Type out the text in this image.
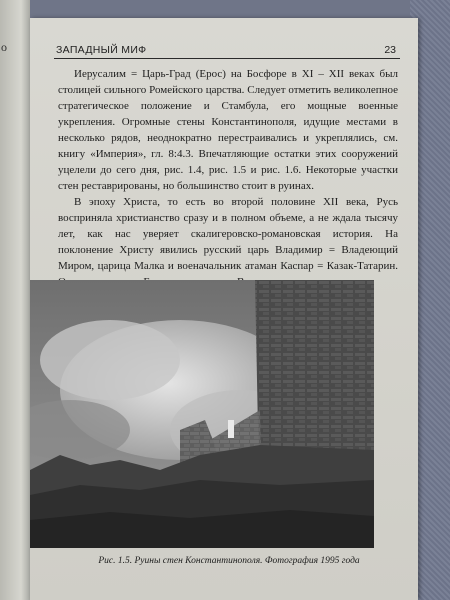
о	ЗАПАДНЫЙ МИФ	23

Иерусалим = Царь-Град (Ерос) на Босфоре в XI – XII веках был столицей сильного Ромейского царства. Следует отметить великолепное стратегическое положение и Стамбула, его мощные военные укрепления. Огромные стены Константинополя, идущие местами в несколько рядов, неоднократно перестраивались и укреплялись, см. книгу «Империя», гл. 8:4.3. Впечатляющие остатки этих сооружений уцелели до сего дня, рис. 1.4, рис. 1.5 и рис. 1.6. Некоторые участки стен реставрированы, но большинство стоит в руинах.

В эпоху Христа, то есть во второй половине XII века, Русь восприняла христианство сразу и в полном объеме, а не ждала тысячу лет, как нас уверяет скалигеровско-романовская история. На поклонение Христу явились русский царь Владимир = Владеющий Миром, царица Малка и военачальник атаман Каспар = Казак-Татарин.

Рис. 1.5. Руины стен Константинополя. Фотография 1995 года
